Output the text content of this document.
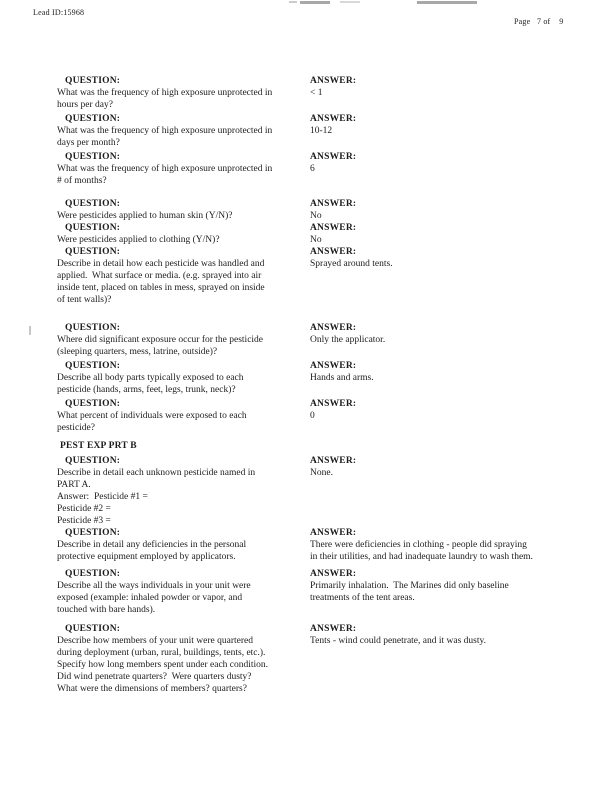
Lead ID:15968
Page   7 of    9
QUESTION:
What was the frequency of high exposure unprotected in
hours per day?
ANSWER:
< 1
QUESTION:
What was the frequency of high exposure unprotected in
days per month?
ANSWER:
10-12
QUESTION:
What was the frequency of high exposure unprotected in
# of months?
ANSWER:
6
QUESTION:
Were pesticides applied to human skin (Y/N)?
ANSWER:
No
QUESTION:
Were pesticides applied to clothing (Y/N)?
ANSWER:
No
QUESTION:
Describe in detail how each pesticide was handled and
applied.  What surface or media. (e.g. sprayed into air
inside tent, placed on tables in mess, sprayed on inside
of tent walls)?
ANSWER:
Sprayed around tents.
QUESTION:
Where did significant exposure occur for the pesticide
(sleeping quarters, mess, latrine, outside)?
ANSWER:
Only the applicator.
QUESTION:
Describe all body parts typically exposed to each
pesticide (hands, arms, feet, legs, trunk, neck)?
ANSWER:
Hands and arms.
QUESTION:
What percent of individuals were exposed to each
pesticide?
ANSWER:
0
PEST EXP PRT B
QUESTION:
Describe in detail each unknown pesticide named in
PART A.
Answer:  Pesticide #1 =
Pesticide #2 =
Pesticide #3 =
ANSWER:
None.
QUESTION:
Describe in detail any deficiencies in the personal
protective equipment employed by applicators.
ANSWER:
There were deficiencies in clothing - people did spraying
in their utilities, and had inadequate laundry to wash them.
QUESTION:
Describe all the ways individuals in your unit were
exposed (example: inhaled powder or vapor, and
touched with bare hands).
ANSWER:
Primarily inhalation.  The Marines did only baseline
treatments of the tent areas.
QUESTION:
Describe how members of your unit were quartered
during deployment (urban, rural, buildings, tents, etc.).
Specify how long members spent under each condition.
Did wind penetrate quarters?  Were quarters dusty?
What were the dimensions of members? quarters?
ANSWER:
Tents - wind could penetrate, and it was dusty.
